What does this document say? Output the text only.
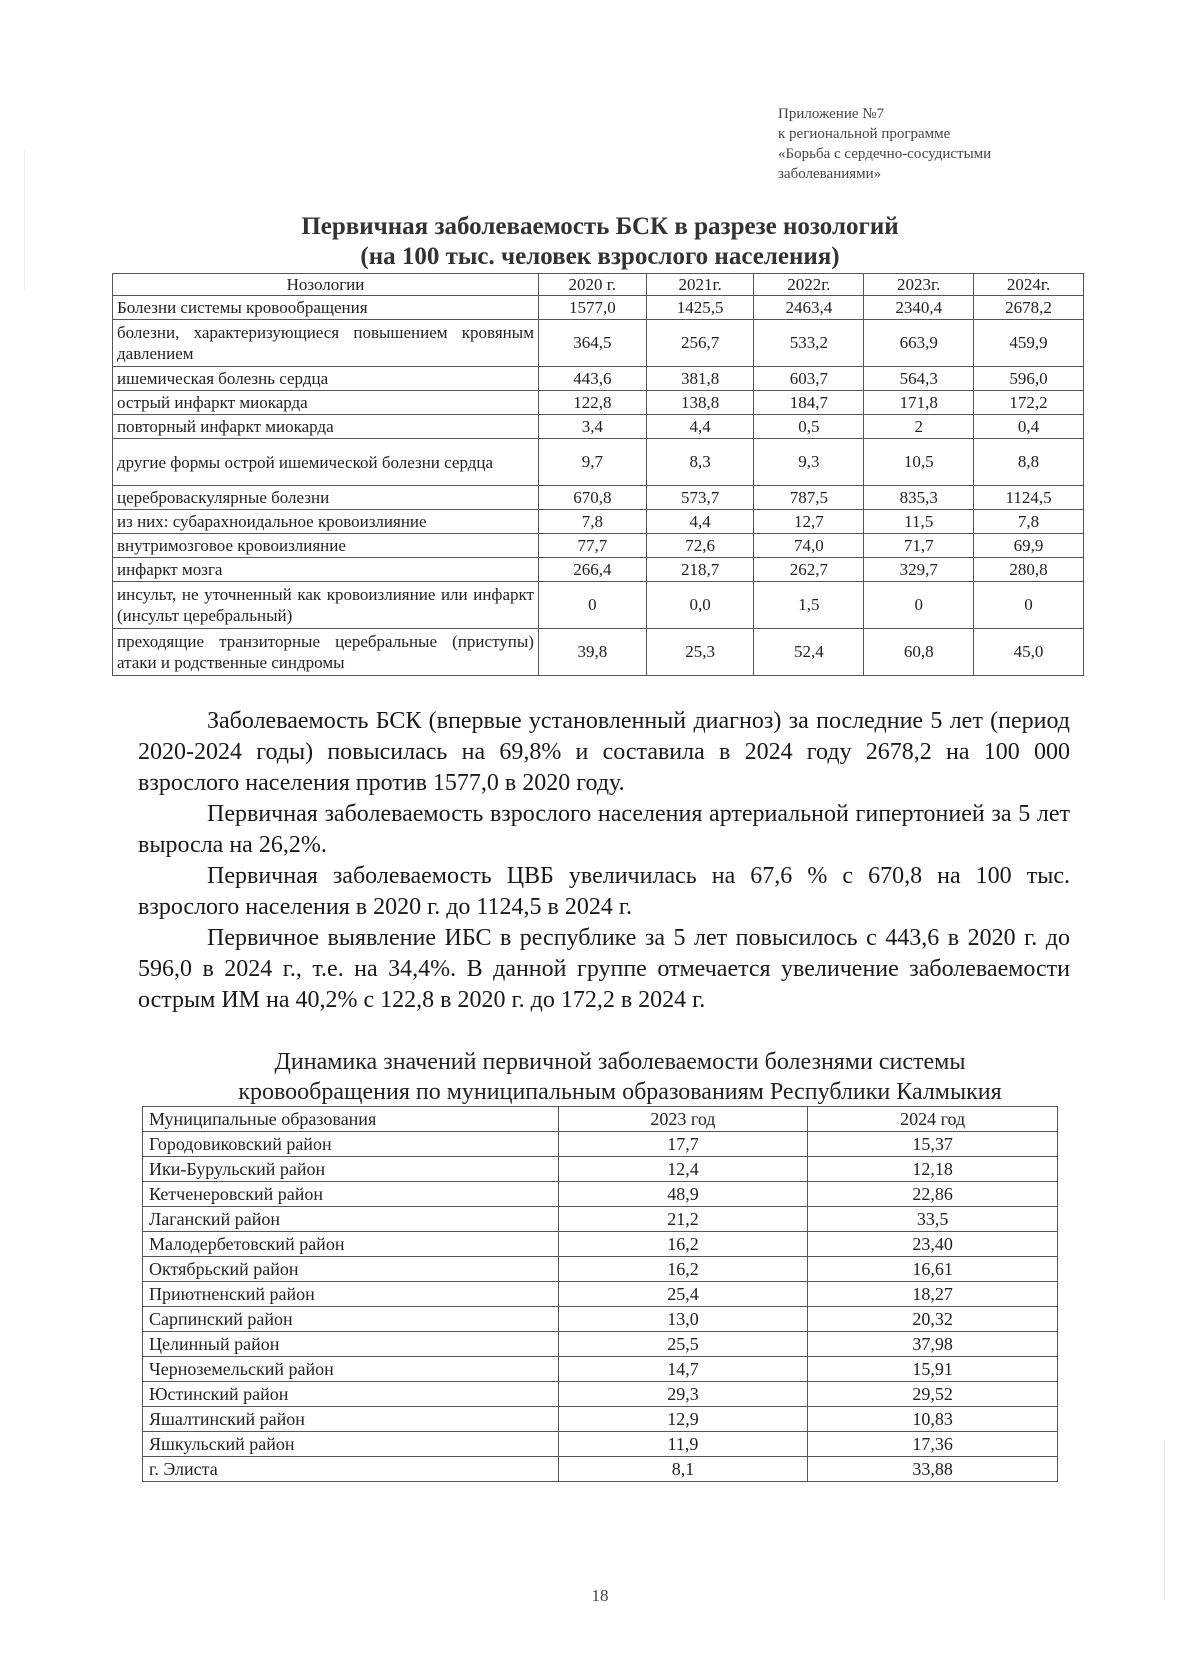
Приложение №7
к региональной программе
«Борьба с сердечно-сосудистыми
заболеваниями»
Первичная заболеваемость БСК в разрезе нозологий
(на 100 тыс. человек взрослого населения)
Нозологии	2020 г.	2021г.	2022г.	2023г.	2024г.
Болезни системы кровообращения	1577,0	1425,5	2463,4	2340,4	2678,2
болезни, характеризующиеся повышением кровяным давлением	364,5	256,7	533,2	663,9	459,9
ишемическая болезнь сердца	443,6	381,8	603,7	564,3	596,0
острый инфаркт миокарда	122,8	138,8	184,7	171,8	172,2
повторный инфаркт миокарда	3,4	4,4	0,5	2	0,4
другие формы острой ишемической болезни сердца	9,7	8,3	9,3	10,5	8,8
цереброваскулярные болезни	670,8	573,7	787,5	835,3	1124,5
из них: субарахноидальное кровоизлияние	7,8	4,4	12,7	11,5	7,8
внутримозговое кровоизлияние	77,7	72,6	74,0	71,7	69,9
инфаркт мозга	266,4	218,7	262,7	329,7	280,8
инсульт, не уточненный как кровоизлияние или инфаркт (инсульт церебральный)	0	0,0	1,5	0	0
преходящие транзиторные церебральные (приступы) атаки и родственные синдромы	39,8	25,3	52,4	60,8	45,0

Заболеваемость БСК (впервые установленный диагноз) за последние 5 лет (период 2020-2024 годы) повысилась на 69,8% и составила в 2024 году 2678,2 на 100 000 взрослого населения против 1577,0 в 2020 году.

Первичная заболеваемость взрослого населения артериальной гипертонией за 5 лет выросла на 26,2%.

Первичная заболеваемость ЦВБ увеличилась на 67,6 % с 670,8 на 100 тыс. взрослого населения в 2020 г. до 1124,5 в 2024 г.

Первичное выявление ИБС в республике за 5 лет повысилось с 443,6 в 2020 г. до 596,0 в 2024 г., т.е. на 34,4%. В данной группе отмечается увеличение заболеваемости острым ИМ на 40,2% с 122,8 в 2020 г. до 172,2 в 2024 г.

Динамика значений первичной заболеваемости болезнями системы
кровообращения по муниципальным образованиям Республики Калмыкия
Муниципальные образования	2023 год	2024 год
Городовиковский район	17,7	15,37
Ики-Бурульский район	12,4	12,18
Кетченеровский район	48,9	22,86
Лаганский район	21,2	33,5
Малодербетовский район	16,2	23,40
Октябрьский район	16,2	16,61
Приютненский район	25,4	18,27
Сарпинский район	13,0	20,32
Целинный район	25,5	37,98
Черноземельский район	14,7	15,91
Юстинский район	29,3	29,52
Яшалтинский район	12,9	10,83
Яшкульский район	11,9	17,36
г. Элиста	8,1	33,88
18
